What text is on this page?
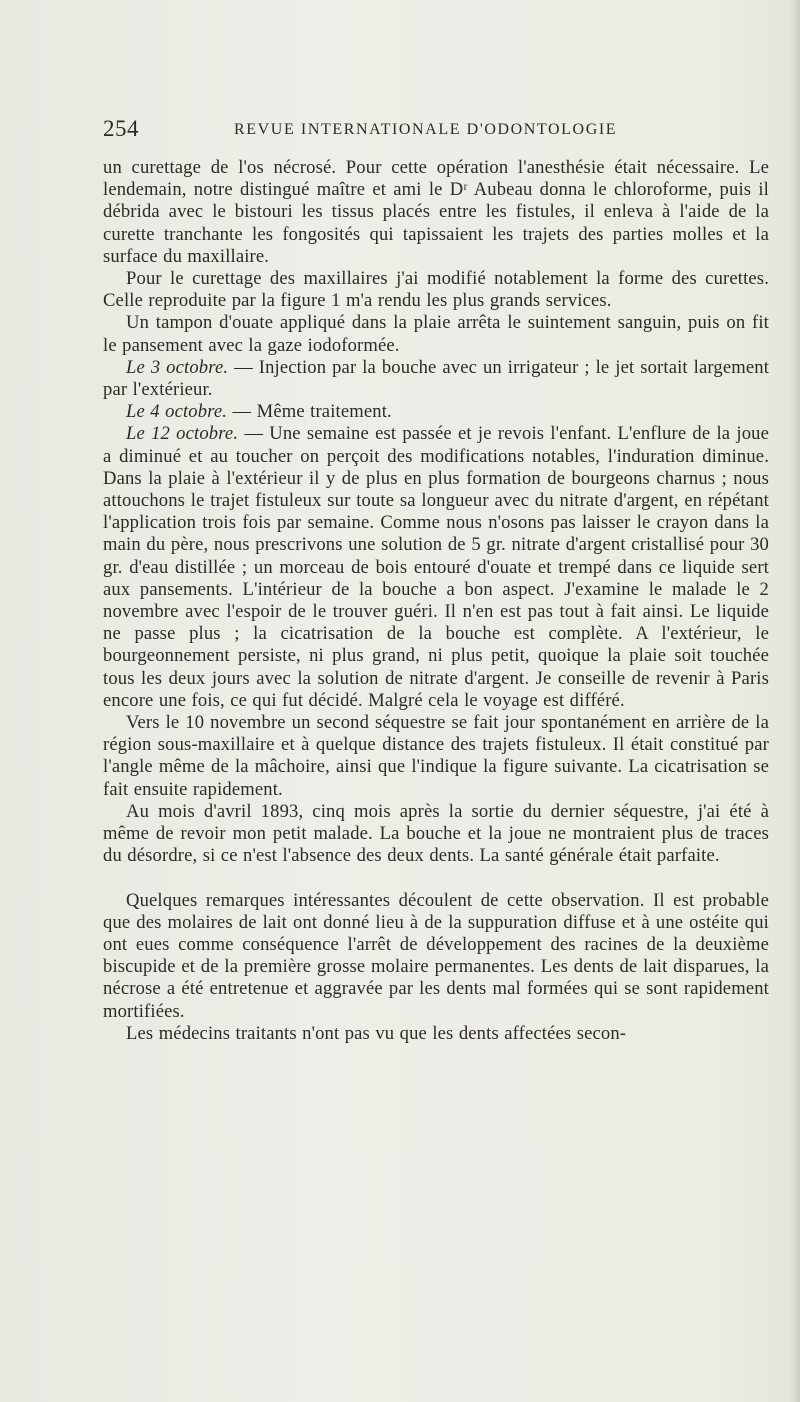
254	REVUE INTERNATIONALE D'ODONTOLOGIE

un curettage de l'os nécrosé. Pour cette opération l'anesthésie était nécessaire. Le lendemain, notre distingué maître et ami le Dʳ Aubeau donna le chloroforme, puis il débrida avec le bistouri les tissus placés entre les fistules, il enleva à l'aide de la curette tranchante les fongosités qui tapissaient les trajets des parties molles et la surface du maxillaire.

Pour le curettage des maxillaires j'ai modifié notablement la forme des curettes. Celle reproduite par la figure 1 m'a rendu les plus grands services.

Un tampon d'ouate appliqué dans la plaie arrêta le suintement sanguin, puis on fit le pansement avec la gaze iodoformée.

Le 3 octobre. — Injection par la bouche avec un irrigateur ; le jet sortait largement par l'extérieur.

Le 4 octobre. — Même traitement.

Le 12 octobre. — Une semaine est passée et je revois l'enfant. L'enflure de la joue a diminué et au toucher on perçoit des modifications notables, l'induration diminue. Dans la plaie à l'extérieur il y de plus en plus formation de bourgeons charnus ; nous attouchons le trajet fistuleux sur toute sa longueur avec du nitrate d'argent, en répétant l'application trois fois par semaine. Comme nous n'osons pas laisser le crayon dans la main du père, nous prescrivons une solution de 5 gr. nitrate d'argent cristallisé pour 30 gr. d'eau distillée ; un morceau de bois entouré d'ouate et trempé dans ce liquide sert aux pansements. L'intérieur de la bouche a bon aspect. J'examine le malade le 2 novembre avec l'espoir de le trouver guéri. Il n'en est pas tout à fait ainsi. Le liquide ne passe plus ; la cicatrisation de la bouche est complète. A l'extérieur, le bourgeonnement persiste, ni plus grand, ni plus petit, quoique la plaie soit touchée tous les deux jours avec la solution de nitrate d'argent. Je conseille de revenir à Paris encore une fois, ce qui fut décidé. Malgré cela le voyage est différé.

Vers le 10 novembre un second séquestre se fait jour spontanément en arrière de la région sous-maxillaire et à quelque distance des trajets fistuleux. Il était constitué par l'angle même de la mâchoire, ainsi que l'indique la figure suivante. La cicatrisation se fait ensuite rapidement.

Au mois d'avril 1893, cinq mois après la sortie du dernier séquestre, j'ai été à même de revoir mon petit malade. La bouche et la joue ne montraient plus de traces du désordre, si ce n'est l'absence des deux dents. La santé générale était parfaite.

Quelques remarques intéressantes découlent de cette observation. Il est probable que des molaires de lait ont donné lieu à de la suppuration diffuse et à une ostéite qui ont eues comme conséquence l'arrêt de développement des racines de la deuxième biscupide et de la première grosse molaire permanentes. Les dents de lait disparues, la nécrose a été entretenue et aggravée par les dents mal formées qui se sont rapidement mortifiées.

Les médecins traitants n'ont pas vu que les dents affectées secon-
